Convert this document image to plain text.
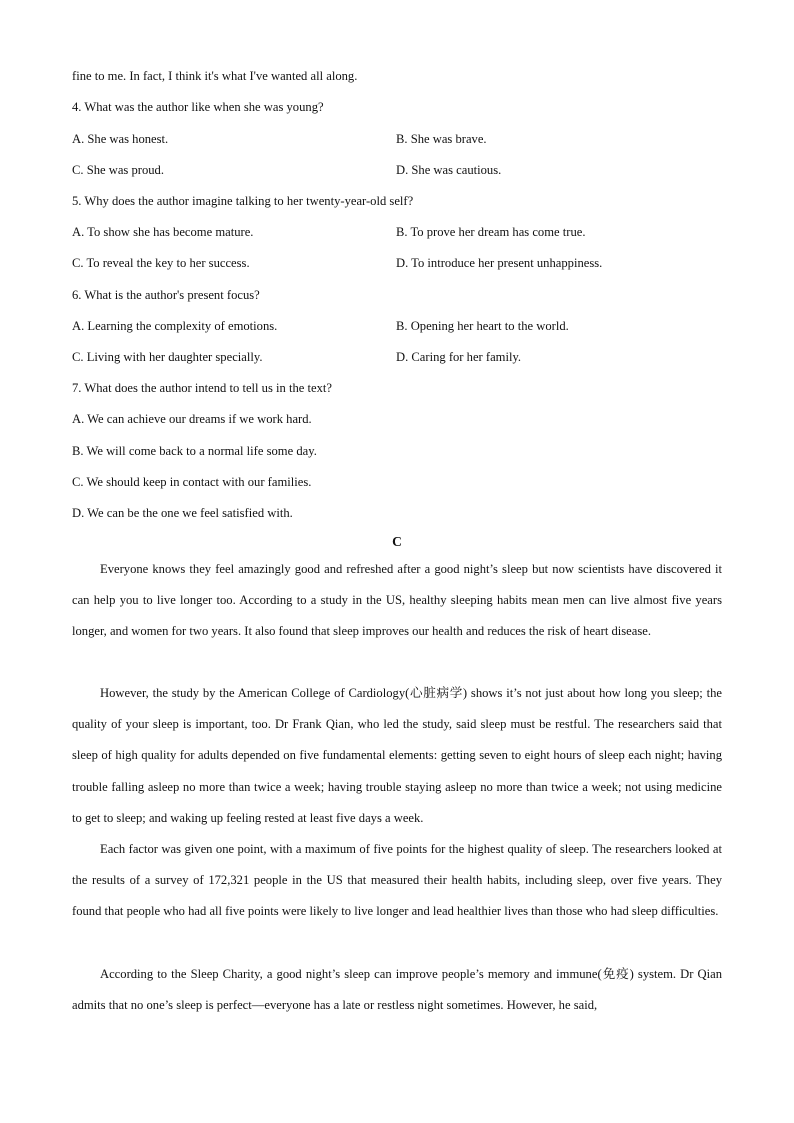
fine to me. In fact, I think it's what I've wanted all along.

4. What was the author like when she was young?

A. She was honest.	B. She was brave.

C. She was proud.	D. She was cautious.

5. Why does the author imagine talking to her twenty-year-old self?

A. To show she has become mature.	B. To prove her dream has come true.

C. To reveal the key to her success.	D. To introduce her present unhappiness.

6. What is the author's present focus?

A. Learning the complexity of emotions.	B. Opening her heart to the world.

C. Living with her daughter specially.	D. Caring for her family.

7. What does the author intend to tell us in the text?

A. We can achieve our dreams if we work hard.

B. We will come back to a normal life some day.

C. We should keep in contact with our families.

D. We can be the one we feel satisfied with.

C

Everyone knows they feel amazingly good and refreshed after a good night’s sleep but now scientists have discovered it can help you to live longer too. According to a study in the US, healthy sleeping habits mean men can live almost five years longer, and women for two years. It also found that sleep improves our health and reduces the risk of heart disease.

However, the study by the American College of Cardiology(心脏病学) shows it’s not just about how long you sleep; the quality of your sleep is important, too. Dr Frank Qian, who led the study, said sleep must be restful. The researchers said that sleep of high quality for adults depended on five fundamental elements: getting seven to eight hours of sleep each night; having trouble falling asleep no more than twice a week; having trouble staying asleep no more than twice a week; not using medicine to get to sleep; and waking up feeling rested at least five days a week.

Each factor was given one point, with a maximum of five points for the highest quality of sleep. The researchers looked at the results of a survey of 172,321 people in the US that measured their health habits, including sleep, over five years. They found that people who had all five points were likely to live longer and lead healthier lives than those who had sleep difficulties.

According to the Sleep Charity, a good night’s sleep can improve people’s memory and immune(免疫) system. Dr Qian admits that no one’s sleep is perfect—everyone has a late or restless night sometimes. However, he said,
